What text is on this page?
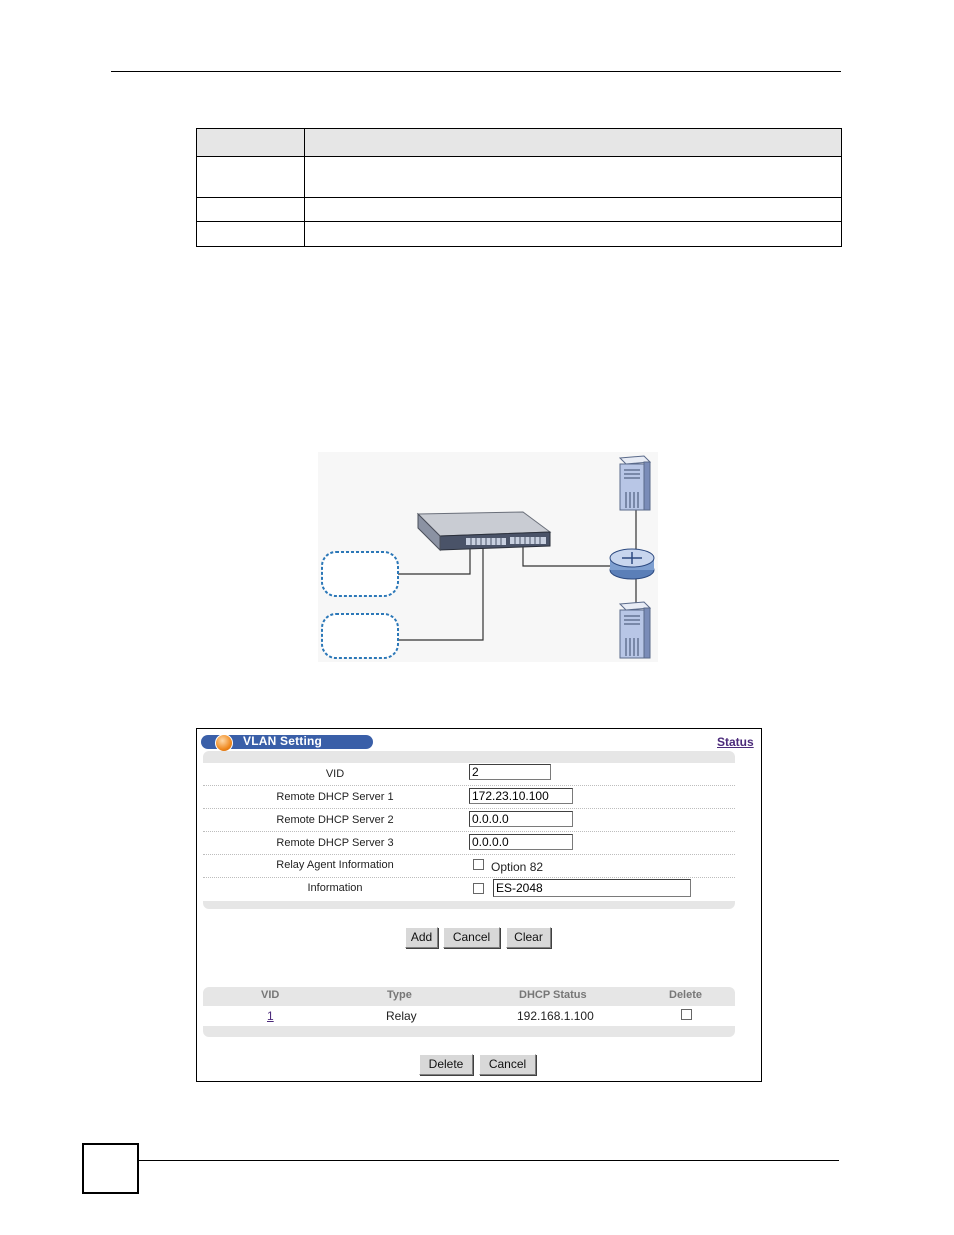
VLAN Setting	Status
VID
2
Remote DHCP Server 1
172.23.10.100
Remote DHCP Server 2
0.0.0.0
Remote DHCP Server 3
0.0.0.0
Relay Agent Information	Option 82
Information
ES-2048
Add	Cancel	Clear
VID	Type	DHCP Status	Delete
1	Relay	192.168.1.100
Delete	Cancel
